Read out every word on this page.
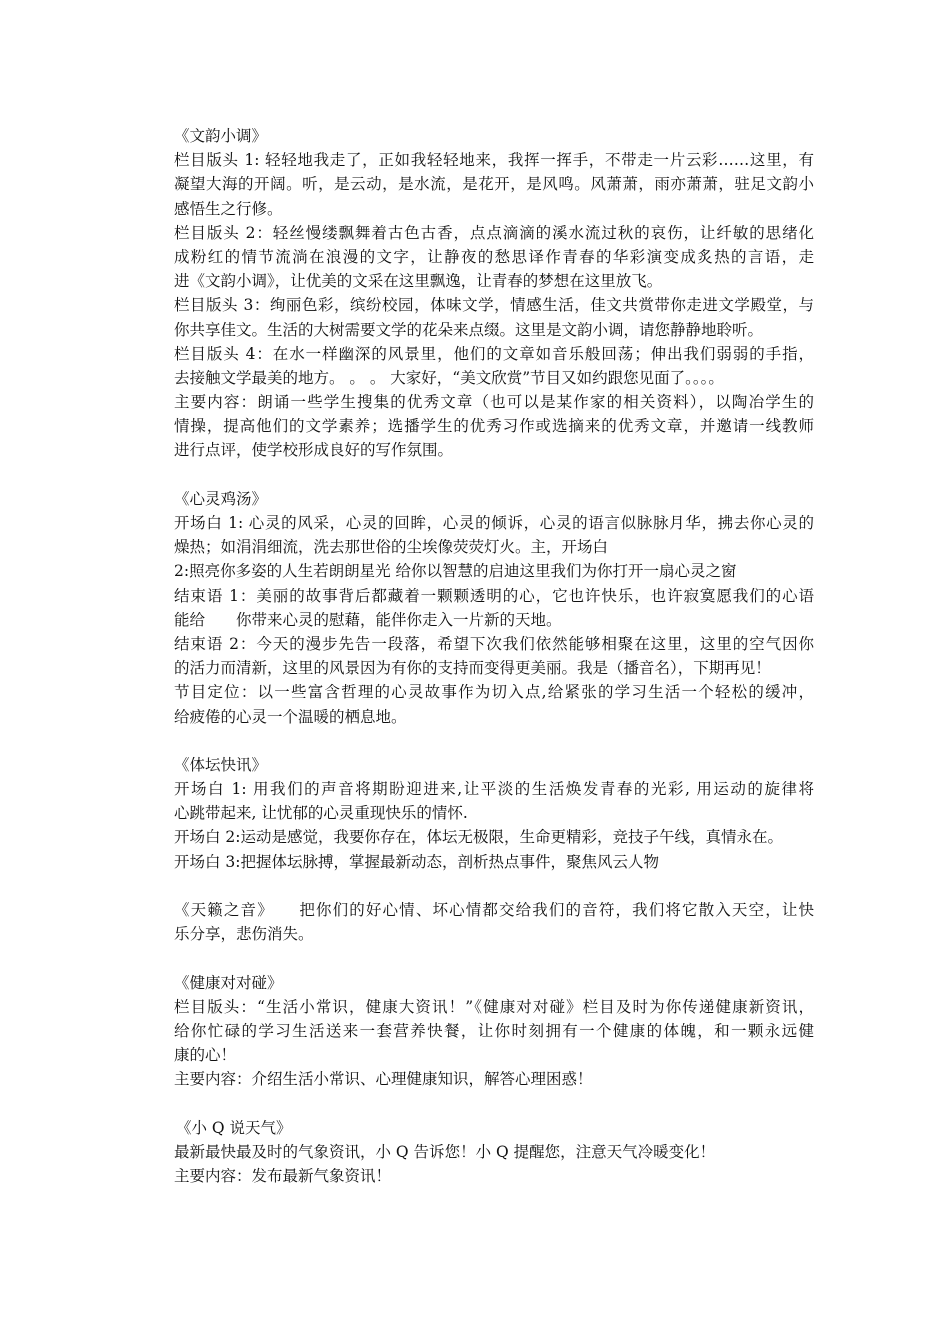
《文韵小调》
栏目版头 1: 轻轻地我走了，正如我轻轻地来，我挥一挥手，不带走一片云彩……这里，有
凝望大海的开阔。听，是云动，是水流，是花开，是风鸣。风萧萧，雨亦萧萧，驻足文韵小
感悟生之行修。
栏目版头 2：轻丝慢缕飘舞着古色古香，点点滴滴的溪水流过秋的哀伤，让纤敏的思绪化
成粉红的情节流淌在浪漫的文字，让静夜的愁思译作青春的华彩演变成炙热的言语，走
进《文韵小调》，让优美的文采在这里飘逸，让青春的梦想在这里放飞。
栏目版头 3：绚丽色彩，缤纷校园，体味文学，情感生活，佳文共赏带你走进文学殿堂，与
你共享佳文。生活的大树需要文学的花朵来点缀。这里是文韵小调，请您静静地聆听。
栏目版头 4：在水一样幽深的风景里，他们的文章如音乐般回荡；伸出我们弱弱的手指，
去接触文学最美的地方。 。 。 大家好，“美文欣赏”节目又如约跟您见面了。。。。
主要内容：朗诵一些学生搜集的优秀文章（也可以是某作家的相关资料），以陶冶学生的
情操，提高他们的文学素养；选播学生的优秀习作或选摘来的优秀文章，并邀请一线教师
进行点评，使学校形成良好的写作氛围。
《心灵鸡汤》
开场白 1: 心灵的风采，心灵的回眸，心灵的倾诉，心灵的语言似脉脉月华，拂去你心灵的
燥热；如涓涓细流，洗去那世俗的尘埃像荧荧灯火。主，开场白
2:照亮你多姿的人生若朗朗星光 给你以智慧的启迪这里我们为你打开一扇心灵之窗
结束语 1：美丽的故事背后都藏着一颗颗透明的心，它也许快乐，也许寂寞愿我们的心语
能给　　你带来心灵的慰藉，能伴你走入一片新的天地。
结束语 2：今天的漫步先告一段落，希望下次我们依然能够相聚在这里，这里的空气因你
的活力而清新，这里的风景因为有你的支持而变得更美丽。我是（播音名），下期再见！
节目定位：以一些富含哲理的心灵故事作为切入点,给紧张的学习生活一个轻松的缓冲，
给疲倦的心灵一个温暖的栖息地。
《体坛快讯》
开场白 1: 用我们的声音将期盼迎进来,让平淡的生活焕发青春的光彩, 用运动的旋律将
心跳带起来, 让忧郁的心灵重现快乐的情怀.
开场白 2:运动是感觉，我要你存在，体坛无极限，生命更精彩，竞技子午线，真情永在。
开场白 3:把握体坛脉搏，掌握最新动态，剖析热点事件，聚焦风云人物
《天籁之音》　　把你们的好心情、坏心情都交给我们的音符，我们将它散入天空，让快
乐分享，悲伤消失。
《健康对对碰》
栏目版头：“生活小常识，健康大资讯！”《健康对对碰》栏目及时为你传递健康新资讯，
给你忙碌的学习生活送来一套营养快餐，让你时刻拥有一个健康的体魄，和一颗永远健
康的心！
主要内容：介绍生活小常识、心理健康知识，解答心理困惑！
《小 Q 说天气》
最新最快最及时的气象资讯，小 Q 告诉您！小 Q 提醒您，注意天气冷暖变化！
主要内容：发布最新气象资讯！
